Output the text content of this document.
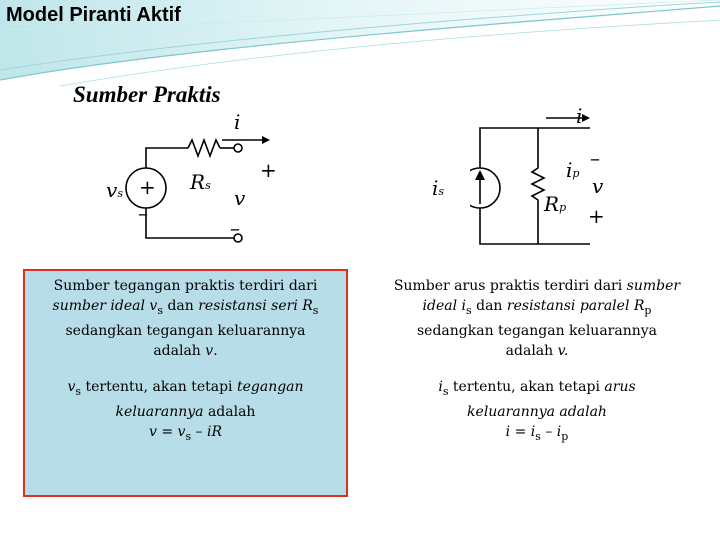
Model Piranti Aktif
Sumber Praktis
+
–
i
vs	Rs
+
v
–
i
is
ip
Rp
–
v
+
Sumber tegangan praktis terdiri dari
sumber ideal $v_s$ dan resistansi seri $R_s$
sedangkan tegangan keluarannya
adalah v.
$v_s$ tertentu, akan tetapi tegangan
keluarannya adalah
$v = v_s$ – iR
Sumber arus praktis terdiri dari sumber
ideal $i_s$ dan resistansi paralel $R_p$
sedangkan tegangan keluarannya
adalah v.
$i_s$ tertentu, akan tetapi arus
keluarannya adalah
$i = i_s - i_p$
